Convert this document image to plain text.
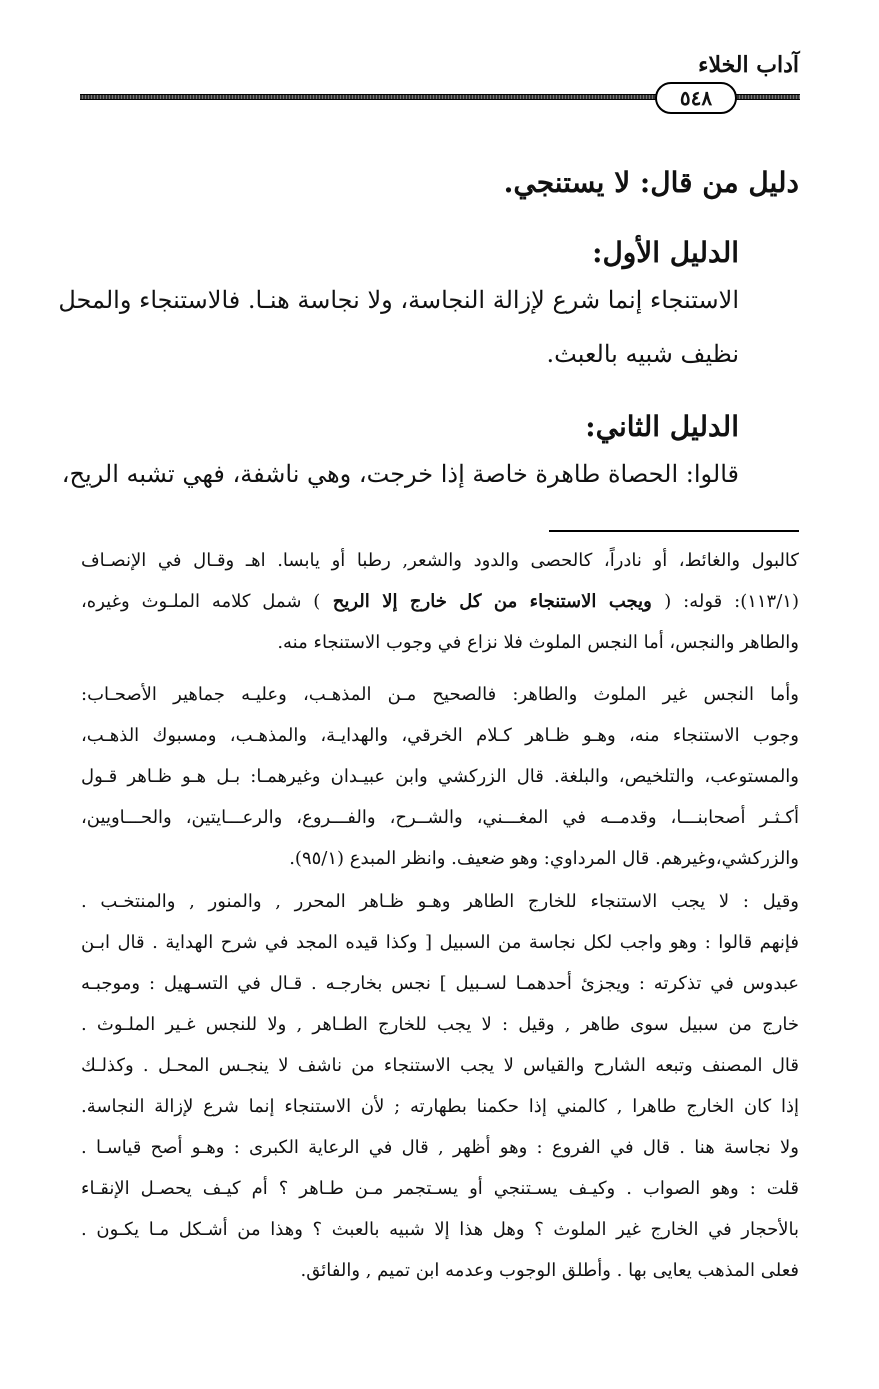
آداب الخلاء
٥٤٨
دليل من قال: لا يستنجي.
الدليل الأول:
الاستنجاء إنما شرع لإزالة النجاسة، ولا نجاسة هنـا. فالاستنجاء والمحل
نظيف شبيه بالعبث.
الدليل الثاني:
قالوا: الحصاة طاهرة خاصة إذا خرجت، وهي ناشفة، فهي تشبه الريح،
كالبول والغائط، أو نادراً، كالحصى والدود والشعر, رطبا أو يابسا. اهـ وقـال في الإنصـاف
(١١٣/١): قوله: ( ويجب الاستنجاء من كل خارج إلا الريح ) شمل كلامه الملـوث وغيره،
والطاهر والنجس، أما النجس الملوث فلا نزاع في وجوب الاستنجاء منه.
وأما النجس غير الملوث والطاهر: فالصحيح مـن المذهـب، وعليـه جماهير الأصحـاب:
وجوب الاستنجاء منه، وهـو ظـاهر كـلام الخرقي، والهدايـة، والمذهـب، ومسبوك الذهـب،
والمستوعب، والتلخيص، والبلغة. قال الزركشي وابن عبيـدان وغيرهمـا: بـل هـو ظـاهر قـول
أكـثـر أصحابنـــا، وقدمــه في المغـــني، والشــرح، والفـــروع، والرعـــايتين، والحـــاويين،
والزركشي،وغيرهم. قال المرداوي: وهو ضعيف. وانظر المبدع (٩٥/١).
وقيل : لا يجب الاستنجاء للخارج الطاهر وهـو ظـاهر المحرر , والمنور , والمنتخـب .
فإنهم قالوا : وهو واجب لكل نجاسة من السبيل [ وكذا قيده المجد في شرح الهداية . قال ابـن
عبدوس في تذكرته : ويجزئ أحدهمـا لسـبيل ] نجس بخارجـه . قـال في التسـهيل : وموجبـه
خارج من سبيل سوى طاهر , وقيل : لا يجب للخارج الطـاهر , ولا للنجس غـير الملـوث .
قال المصنف وتبعه الشارح والقياس لا يجب الاستنجاء من ناشف لا ينجـس المحـل . وكذلـك
إذا كان الخارج طاهرا , كالمني إذا حكمنا بطهارته ; لأن الاستنجاء إنما شرع لإزالة النجاسة.
ولا نجاسة هنا . قال في الفروع : وهو أظهر , قال في الرعاية الكبرى : وهـو أصح قياسـا .
قلت : وهو الصواب . وكيـف يسـتنجي أو يسـتجمر مـن طـاهر ؟ أم كيـف يحصـل الإنقـاء
بالأحجار في الخارج غير الملوث ؟ وهل هذا إلا شبيه بالعبث ؟ وهذا من أشـكل مـا يكـون .
فعلى المذهب يعايى بها . وأطلق الوجوب وعدمه ابن تميم , والفائق.
